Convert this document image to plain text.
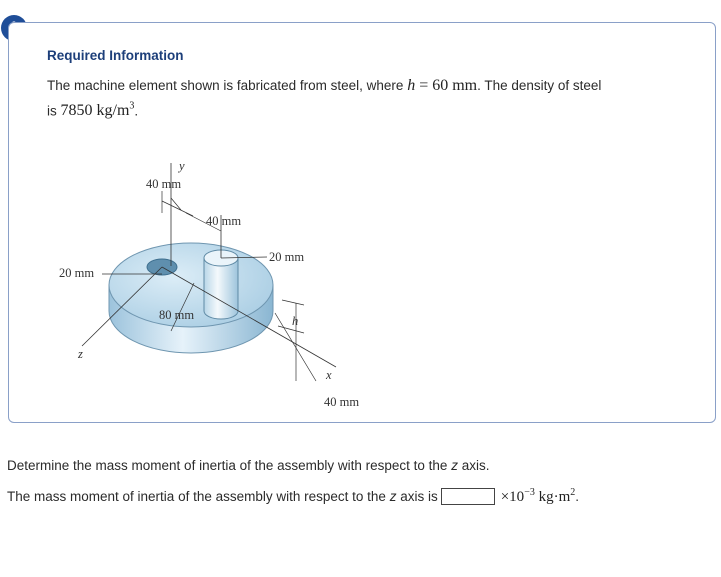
Required Information
The machine element shown is fabricated from steel, where h = 60 mm. The density of steel
is 7850 $kg/m^3$.
y
x
z
40 mm
40 mm
20 mm
20 mm
80 mm	h
40 mm
Determine the mass moment of inertia of the assembly with respect to the z axis.
The mass moment of inertia of the assembly with respect to the
z
axis is	$\times 10^{-3}$ $kg\cdot m^2$ .
